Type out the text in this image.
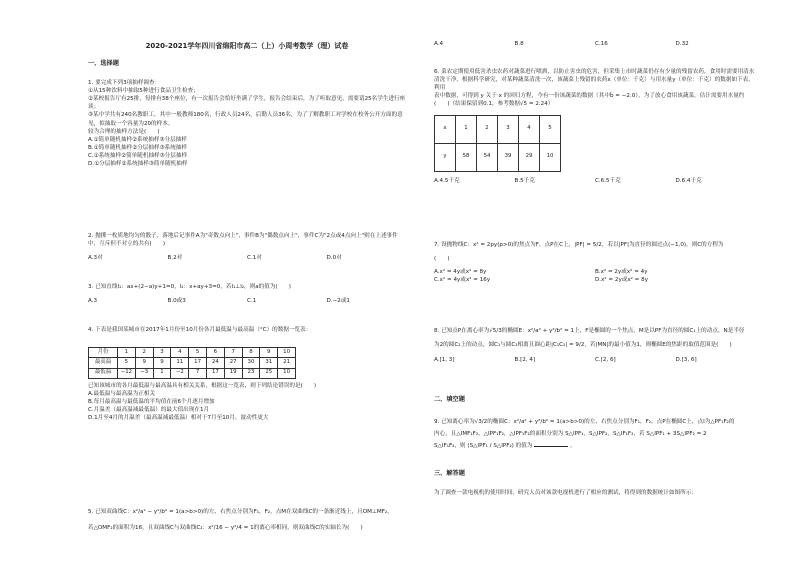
2020-2021学年四川省绵阳市高二（上）小周考数学（理）试卷
一、选择题

1. 要完成下列3项抽样调查：

①从15种饮料中抽取5种进行食品卫生检查；

②某校报告厅有25排，每排有38个座位，有一次报告会恰好坐满了学生，报告会结束后，为了听取意见，需要请25名学生进行座谈；

③某中学共有240名教职工，其中一般教师180名，行政人员24名，后勤人员36名，为了了解教职工对学校在校务公开方面的意见，拟抽取一个容量为20的样本。

较为合理的抽样方法是(　　)

A.①简单随机抽样②系统抽样③分层抽样

B.①简单随机抽样②分层抽样③系统抽样

C.①系统抽样②简单随机抽样③分层抽样

D.①分层抽样②系统抽样③简单随机抽样

2. 抛掷一枚质地均匀的骰子，落地后记事件A为"奇数点向上"，事件B为"偶数点向上"，事件C为"2点或4点向上"则在上述事件中，互斥但不对立的共有(　　)

A.3对	B.2对	C.1对	D.0对

3. 已知直线l₁：ax+(2−a)y+1=0，l₂：x+ay+3=0，若l₁⊥l₂，则a的值为(　　)

A.3	B.0或3	C.1	D.−2或1

4. 下表是我国某城市在2017年1月份至10月份各月最低温与最高温（°C）的数据一览表：

月份	1	2	3	4	5	6	7	8	9	10
最高温	5	9	9	11	17	24	27	30	31	21
最低温	−12	−3	1	−2	7	17	19	23	25	10

已知该城市的各月最低温与最高温具有相关关系，根据这一览表，则下列结论错误的是(　　)

A.最低温与最高温为正相关

B.每月最高温与最低温的平均值在前6个月逐月增加

C.月温差（最高温减最低温）的最大值出现在1月

D.1月至4月的月温差（最高温减最低温）相对于7月至10月，波动性更大

5. 已知双曲线C：x²/a² − y²/b² = 1(a>b>0)的左、右焦点分别为F₁，F₂，点M在双曲线C的一条渐近线上，且OM⊥MF₂，

若△OMF₂的面积为16，且双曲线C与双曲线C₂：x²/16 − y²/4 = 1的离心率相同，则双曲线C的实轴长为(　　)

A.4	B.8	C.16	D.32

6. 菜农定期使用低害杀虫农药对蔬菜进行喷洒，以防止害虫的危害，但采集上市时蔬菜仍存有少量的残留农药，食用时需要用清水清洗干净，根据科学研究，对某种蔬菜清洗一次，该蔬菜上残留的农药x（单位：千克）与用水量y（单位：千克）的数据如下表，利用

表中数据，可得到 y 关于 x 的回归方程，今有一份该蔬菜的数据（其中b̂ = −2.0），为了放心食用该蔬菜，估计需要用水量约(　　)（结果保留到0.1，参考数据√5 = 2.24）

x	1	2	3	4	5
y	58	54	39	29	10
A.4.5千克	B.5千克	C.6.5千克	D.6.4千克

7. 设抛物线C：x² = 2py(p>0)的焦点为F，点P在C上，|PF| = 5/2，若以|PF|为直径的圆过点(−1,0)，则C的方程为

(　　)

A.x² = 4y或x² = 8y	B.x² = 2y或x² = 4y
C.x² = 4y或x² = 16y	D.x² = 2y或x² = 8y

8. 已知点P在离心率为√5/3的椭圆E：x²/a² + y²/b² = 1上，F是椭圆的一个焦点，M是以PF为直径的圆C₁上的动点，N是半径

为2的圆C₂上的动点，圆C₁与圆C₂相离且圆心距|C₁C₂| = 9/2，若|MN|的最小值为1，则椭圆E的焦距的取值范围是(　　)

A.[1, 3]	B.[2, 4]	C.[2, 6]	D.[3, 6]
二、填空题

9. 已知离心率为√3/2的椭圆C：x²/a² + y²/b² = 1(a>b>0)的左、右焦点分别为F₁，F₂，点P在椭圆C上，点I为△PF₁F₂的

内心，且△IMF₁F₂，△IPF₁F₂，△IPF₁F₂的面积分别为 S△IPF₁，S△IPF₂，S△IF₁F₂，若 S△IPF₁ + 3S△IPF₂ = 2

S△IF₁F₂，则 (S△IPF₁ / S△IPF₂) 的值为	。

三、解答题

为了调查一款电视机的使用时间，研究人员对该款电视机进行了相应的测试，将得到的数据统计如图所示：
